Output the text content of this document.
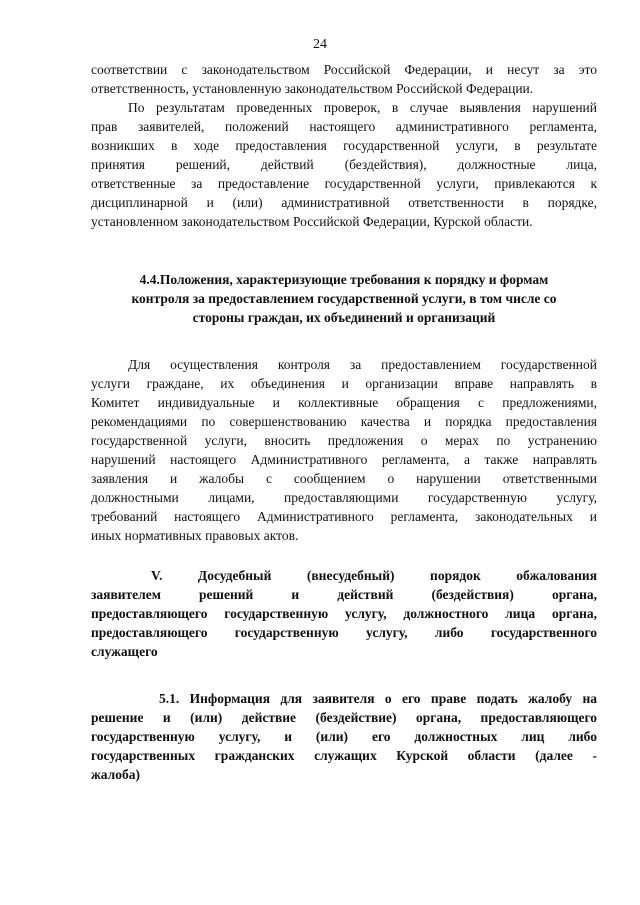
24
соответствии с законодательством Российской Федерации, и несут за это
ответственность, установленную законодательством Российской Федерации.
По результатам проведенных проверок, в случае выявления нарушений
прав заявителей, положений настоящего административного регламента,
возникших в ходе предоставления государственной услуги, в результате
принятия решений, действий (бездействия), должностные лица,
ответственные за предоставление государственной услуги, привлекаются к
дисциплинарной и (или) административной ответственности в порядке,
установленном законодательством Российской Федерации, Курской области.
4.4.Положения, характеризующие требования к порядку и формам
контроля за предоставлением государственной услуги, в том числе со
стороны граждан, их объединений и организаций
Для осуществления контроля за предоставлением государственной
услуги граждане, их объединения и организации вправе направлять в
Комитет индивидуальные и коллективные обращения с предложениями,
рекомендациями по совершенствованию качества и порядка предоставления
государственной услуги, вносить предложения о мерах по устранению
нарушений настоящего Административного регламента, а также направлять
заявления и жалобы с сообщением о нарушении ответственными
должностными лицами, предоставляющими государственную услугу,
требований настоящего Административного регламента, законодательных и
иных нормативных правовых актов.
V. Досудебный (внесудебный) порядок обжалования
заявителем решений и действий (бездействия) органа,
предоставляющего государственную услугу, должностного лица органа,
предоставляющего государственную услугу, либо государственного
служащего
5.1. Информация для заявителя о его праве подать жалобу на
решение и (или) действие (бездействие) органа, предоставляющего
государственную услугу, и (или) его должностных лиц либо
государственных гражданских служащих Курской области (далее -
жалоба)
